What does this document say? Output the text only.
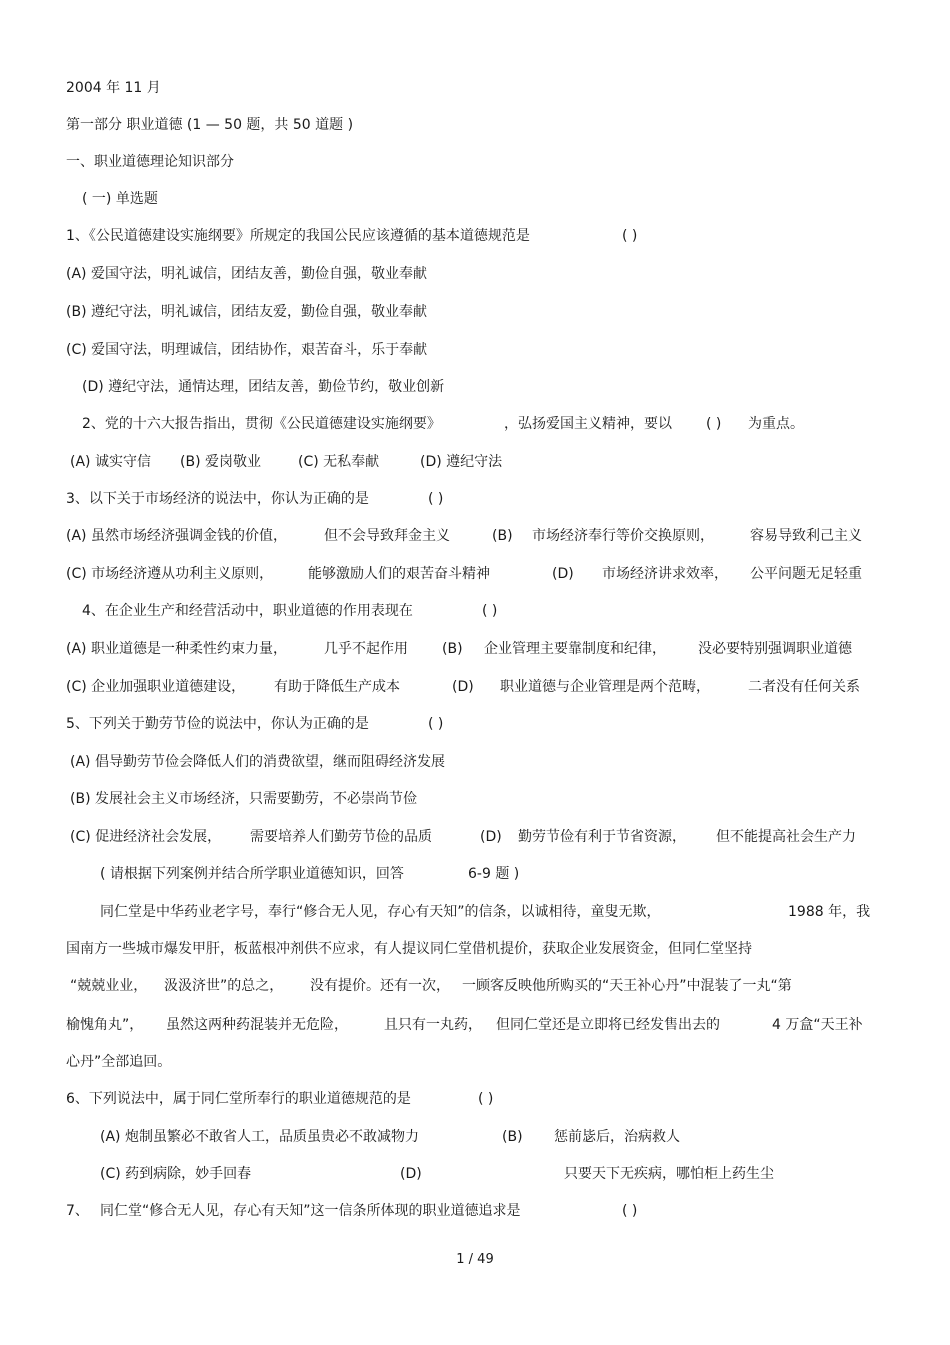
2004 年 11 月
第一部分 职业道德 (1 — 50 题，共 50 道题 )
一、职业道德理论知识部分
( 一) 单选题
1、《公民道德建设实施纲要》所规定的我国公民应该遵循的基本道德规范是	( )
(A) 爱国守法，明礼诚信，团结友善，勤俭自强，敬业奉献
(B) 遵纪守法，明礼诚信，团结友爱，勤俭自强，敬业奉献
(C) 爱国守法，明理诚信，团结协作，艰苦奋斗，乐于奉献
(D) 遵纪守法，通情达理，团结友善，勤俭节约，敬业创新
2、党的十六大报告指出，贯彻《公民道德建设实施纲要》	，弘扬爱国主义精神，要以 ( ) 为重点。
(A) 诚实守信 (B) 爱岗敬业	(C) 无私奉献	(D) 遵纪守法
3、以下关于市场经济的说法中，你认为正确的是	( )
(A) 虽然市场经济强调金钱的价值，	但不会导致拜金主义	(B) 市场经济奉行等价交换原则，	容易导致利己主义
(C) 市场经济遵从功利主义原则， 能够激励人们的艰苦奋斗精神	(D) 市场经济讲求效率， 公平问题无足轻重
4、在企业生产和经营活动中，职业道德的作用表现在	( )
(A) 职业道德是一种柔性约束力量，	几乎不起作用 (B) 企业管理主要靠制度和纪律， 没必要特别强调职业道德
(C) 企业加强职业道德建设， 有助于降低生产成本	(D) 职业道德与企业管理是两个范畴，	二者没有任何关系
5、下列关于勤劳节俭的说法中，你认为正确的是	( )
(A) 倡导勤劳节俭会降低人们的消费欲望，继而阻碍经济发展
(B) 发展社会主义市场经济，只需要勤劳，不必崇尚节俭
(C) 促进经济社会发展， 需要培养人们勤劳节俭的品质	(D) 勤劳节俭有利于节省资源， 但不能提高社会生产力
( 请根据下列案例并结合所学职业道德知识，回答	6-9 题 )
同仁堂是中华药业老字号，奉行“修合无人见，存心有天知”的信条，以诚相待，童叟无欺，	1988 年，我
国南方一些城市爆发甲肝，板蓝根冲剂供不应求，有人提议同仁堂借机提价，获取企业发展资金，但同仁堂坚持
“兢兢业业， 汲汲济世”的总之， 没有提价。还有一次， 一顾客反映他所购买的“天王补心丹”中混装了一丸“第
榆愧角丸”， 虽然这两种药混装并无危险，	且只有一丸药， 但同仁堂还是立即将已经发售出去的	4 万盒“天王补
心丹”全部追回。
6、下列说法中，属于同仁堂所奉行的职业道德规范的是	( )
(A) 炮制虽繁必不敢省人工，品质虽贵必不敢减物力	(B) 惩前毖后，治病救人
(C) 药到病除，妙手回春	(D)	只要天下无疾病，哪怕柜上药生尘
7、 同仁堂“修合无人见，存心有天知”这一信条所体现的职业道德追求是	( )
1 / 49
